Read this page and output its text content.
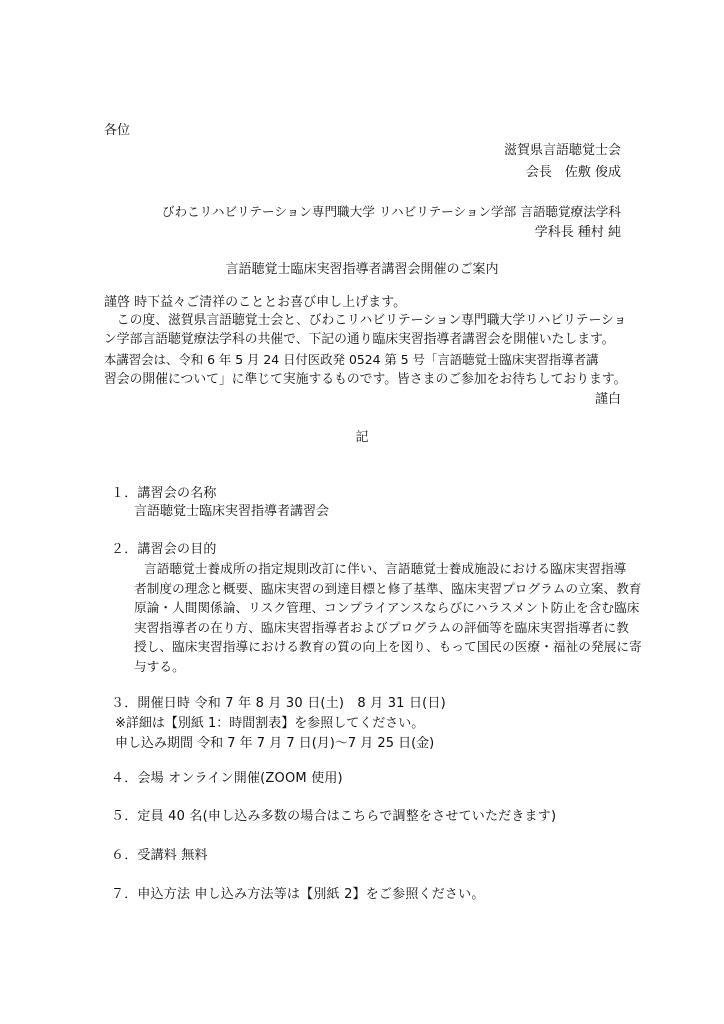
各位
滋賀県言語聴覚士会
会長　佐敷 俊成
びわこリハビリテーション専門職大学 リハビリテーション学部 言語聴覚療法学科
学科長 種村 純
言語聴覚士臨床実習指導者講習会開催のご案内
謹啓 時下益々ご清祥のこととお喜び申し上げます。
　この度、滋賀県言語聴覚士会と、びわこリハビリテーション専門職大学リハビリテーショ
ン学部言語聴覚療法学科の共催で、下記の通り臨床実習指導者講習会を開催いたします。
本講習会は、令和 6 年 5 月 24 日付医政発 0524 第 5 号「言語聴覚士臨床実習指導者講
習会の開催について」に準じて実施するものです。皆さまのご参加をお待ちしております。
謹白
記
１．講習会の名称
言語聴覚士臨床実習指導者講習会
２．講習会の目的
言語聴覚士養成所の指定規則改訂に伴い、言語聴覚士養成施設における臨床実習指導
者制度の理念と概要、臨床実習の到達目標と修了基準、臨床実習プログラムの立案、教育
原論・人間関係論、リスク管理、コンプライアンスならびにハラスメント防止を含む臨床
実習指導者の在り方、臨床実習指導者およびプログラムの評価等を臨床実習指導者に教
授し、臨床実習指導における教育の質の向上を図り、もって国民の医療・福祉の発展に寄
与する。
３．開催日時 令和 7 年 8 月 30 日(土)　8 月 31 日(日)
※詳細は【別紙 1：時間割表】を参照してください。
申し込み期間 令和 7 年 7 月 7 日(月)～7 月 25 日(金)
４．会場 オンライン開催(ZOOM 使用)
５．定員 40 名(申し込み多数の場合はこちらで調整をさせていただきます)
６．受講料 無料
７．申込方法 申し込み方法等は【別紙 2】をご参照ください。
